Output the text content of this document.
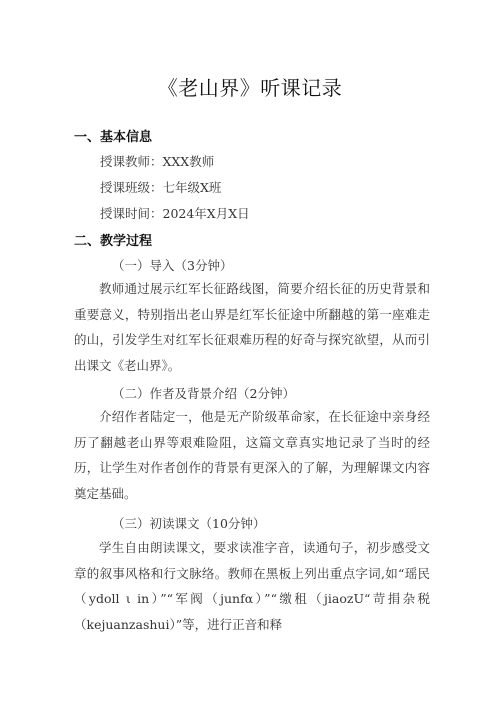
《老山界》听课记录
一、基本信息
授课教师：XXX教师
授课班级：七年级X班
授课时间：2024年X月X日
二、教学过程
（一）导入（3分钟）
教师通过展示红军长征路线图，简要介绍长征的历史背景和重要意义，特别指出老山界是红军长征途中所翻越的第一座难走的山，引发学生对红军长征艰难历程的好奇与探究欲望，从而引出课文《老山界》。
（二）作者及背景介绍（2分钟）
介绍作者陆定一，他是无产阶级革命家，在长征途中亲身经历了翻越老山界等艰难险阻，这篇文章真实地记录了当时的经历，让学生对作者创作的背景有更深入的了解，为理解课文内容奠定基础。
（三）初读课文（10分钟）
学生自由朗读课文，要求读准字音，读通句子，初步感受文章的叙事风格和行文脉络。教师在黑板上列出重点字词,如“瑶民（ydoll ι in）”“军阀（junfα）”“缴租（jiaozU“苛捐杂税（kejuanzashui）”等，进行正音和释
